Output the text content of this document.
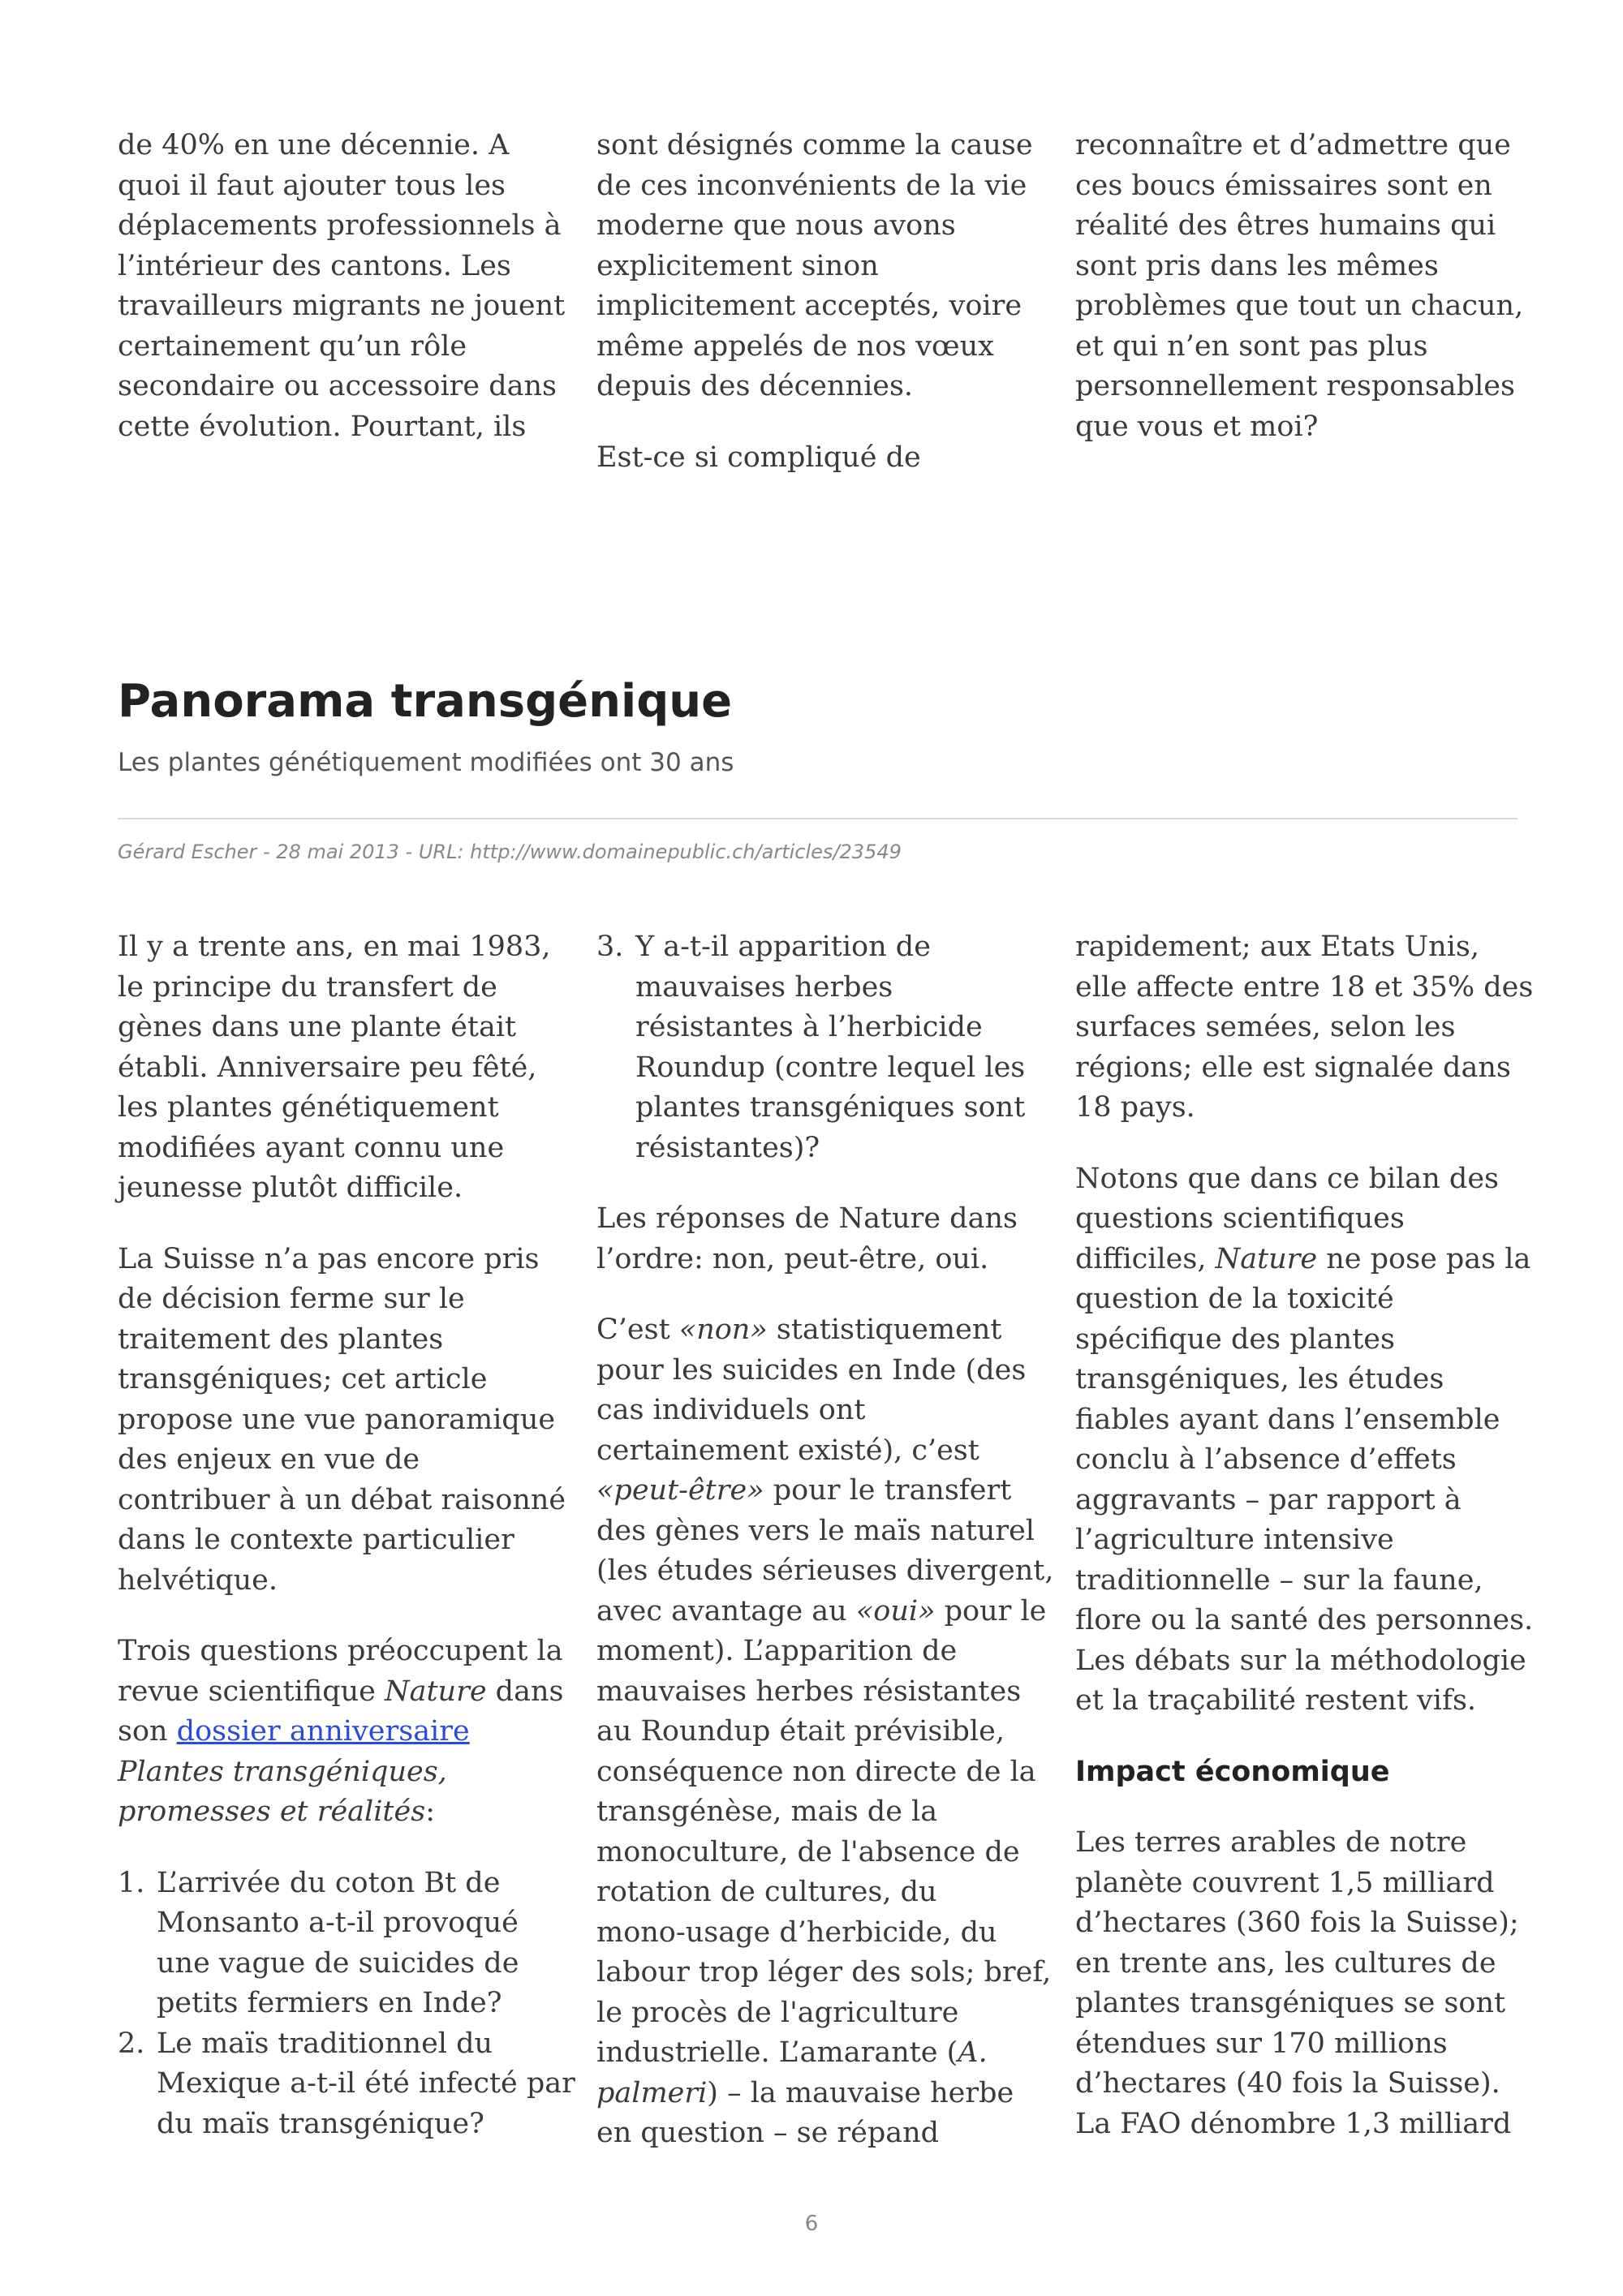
de 40% en une décennie. A
quoi il faut ajouter tous les
déplacements professionnels à
l’intérieur des cantons. Les
travailleurs migrants ne jouent
certainement qu’un rôle
secondaire ou accessoire dans
cette évolution. Pourtant, ils

sont désignés comme la cause
de ces inconvénients de la vie
moderne que nous avons
explicitement sinon
implicitement acceptés, voire
même appelés de nos vœux
depuis des décennies.

Est-ce si compliqué de

reconnaître et d’admettre que
ces boucs émissaires sont en
réalité des êtres humains qui
sont pris dans les mêmes
problèmes que tout un chacun,
et qui n’en sont pas plus
personnellement responsables
que vous et moi?

Panorama transgénique
Les plantes génétiquement modifiées ont 30 ans
Gérard Escher - 28 mai 2013 - URL: http://www.domainepublic.ch/articles/23549

Il y a trente ans, en mai 1983,
le principe du transfert de
gènes dans une plante était
établi. Anniversaire peu fêté,
les plantes génétiquement
modifiées ayant connu une
jeunesse plutôt difficile.

La Suisse n’a pas encore pris
de décision ferme sur le
traitement des plantes
transgéniques; cet article
propose une vue panoramique
des enjeux en vue de
contribuer à un débat raisonné
dans le contexte particulier
helvétique.

Trois questions préoccupent la
revue scientifique Nature dans
son dossier anniversaire
Plantes transgéniques,
promesses et réalités:

1. L’arrivée du coton Bt de
Monsanto a-t-il provoqué
une vague de suicides de
petits fermiers en Inde?
2. Le maïs traditionnel du
Mexique a-t-il été infecté par
du maïs transgénique?
3. Y a-t-il apparition de
mauvaises herbes
résistantes à l’herbicide
Roundup (contre lequel les
plantes transgéniques sont
résistantes)?

Les réponses de Nature dans
l’ordre: non, peut-être, oui.

C’est «non» statistiquement
pour les suicides en Inde (des
cas individuels ont
certainement existé), c’est
«peut-être» pour le transfert
des gènes vers le maïs naturel
(les études sérieuses divergent,
avec avantage au «oui» pour le
moment). L’apparition de
mauvaises herbes résistantes
au Roundup était prévisible,
conséquence non directe de la
transgénèse, mais de la
monoculture, de l'absence de
rotation de cultures, du
mono-usage d’herbicide, du
labour trop léger des sols; bref,
le procès de l'agriculture
industrielle. L’amarante (A.
palmeri) – la mauvaise herbe
en question – se répand

rapidement; aux Etats Unis,
elle affecte entre 18 et 35% des
surfaces semées, selon les
régions; elle est signalée dans
18 pays.

Notons que dans ce bilan des
questions scientifiques
difficiles, Nature ne pose pas la
question de la toxicité
spécifique des plantes
transgéniques, les études
fiables ayant dans l’ensemble
conclu à l’absence d’effets
aggravants – par rapport à
l’agriculture intensive
traditionnelle – sur la faune,
flore ou la santé des personnes.
Les débats sur la méthodologie
et la traçabilité restent vifs.

Impact économique

Les terres arables de notre
planète couvrent 1,5 milliard
d’hectares (360 fois la Suisse);
en trente ans, les cultures de
plantes transgéniques se sont
étendues sur 170 millions
d’hectares (40 fois la Suisse).
La FAO dénombre 1,3 milliard

6
